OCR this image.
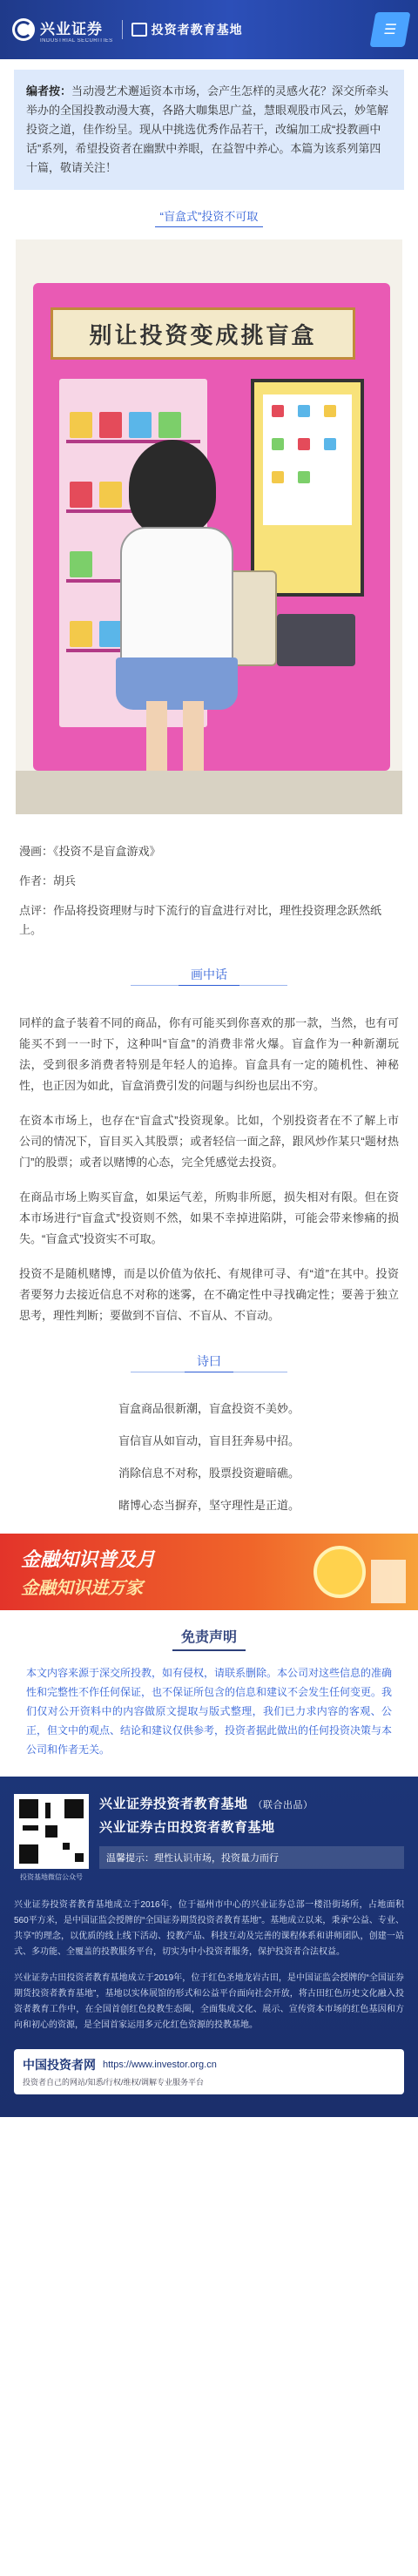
兴业证券
INDUSTRIAL SECURITIES
投资者教育基地	☰
编者按：当动漫艺术邂逅资本市场，会产生怎样的灵感火花？深交所牵头举办的全国投教动漫大赛，各路大咖集思广益，慧眼观股市风云，妙笔解投资之道，佳作纷呈。现从中挑选优秀作品若干，改编加工成“投教画中话”系列，希望投资者在幽默中养眼，在益智中养心。本篇为该系列第四十篇，敬请关注！
“盲盒式”投资不可取
别让投资变成挑盲盒

漫画：《投资不是盲盒游戏》

作者：胡兵

点评：作品将投资理财与时下流行的盲盒进行对比，理性投资理念跃然纸上。

画中话

同样的盒子装着不同的商品，你有可能买到你喜欢的那一款，当然，也有可能买不到一一时下，这种叫“盲盒”的消费非常火爆。盲盒作为一种新潮玩法，受到很多消费者特别是年轻人的追捧。盲盒具有一定的随机性、神秘性，也正因为如此，盲盒消费引发的问题与纠纷也层出不穷。

在资本市场上，也存在“盲盒式”投资现象。比如，个别投资者在不了解上市公司的情况下，盲目买入其股票；或者轻信一面之辞，跟风炒作某只“题材热门”的股票；或者以赌博的心态，完全凭感觉去投资。

在商品市场上购买盲盒，如果运气差，所购非所愿，损失相对有限。但在资本市场进行“盲盒式”投资则不然，如果不幸掉进陷阱，可能会带来惨痛的损失。“盲盒式”投资实不可取。

投资不是随机赌博，而是以价值为依托、有规律可寻、有“道”在其中。投资者要努力去接近信息不对称的迷雾，在不确定性中寻找确定性；要善于独立思考，理性判断；要做到不盲信、不盲从、不盲动。

诗曰

盲盒商品很新潮，盲盒投资不美妙。

盲信盲从如盲动，盲目狂奔易中招。

消除信息不对称，股票投资避暗礁。

睹博心态当摒弃，坚守理性是正道。

金融知识普及月
金融知识进万家
免责声明

本文内容来源于深交所投教，如有侵权，请联系删除。本公司对这些信息的准确性和完整性不作任何保证，也不保证所包含的信息和建议不会发生任何变更。我们仅对公开资料中的内容做原文提取与版式整理，我们已力求内容的客观、公正，但文中的观点、结论和建议仅供参考，投资者据此做出的任何投资决策与本公司和作者无关。

投资基地微信公众号
兴业证券投资者教育基地 （联合出品）
兴业证券古田投资者教育基地
温馨提示：理性认识市场，投资量力而行

兴业证券投资者教育基地成立于2016年，位于福州市中心的兴业证券总部一楼沿街场所，占地面积560平方米，是中国证监会授牌的“全国证券期货投资者教育基地”。基地成立以来，秉承“公益、专业、共享”的理念，以优质的线上线下活动、投教产品、科技互动及完善的课程体系和讲师团队，创建一站式、多功能、全覆盖的投教服务平台，切实为中小投资者服务，保护投资者合法权益。

兴业证券古田投资者教育基地成立于2019年，位于红色圣地龙岩古田，是中国证监会授牌的“全国证券期货投资者教育基地”，基地以实体展馆的形式和公益平台面向社会开放，将古田红色历史文化融入投资者教育工作中，在全国首创红色投教生态圈，全面集成文化、展示、宣传资本市场的红色基因和方向和初心的资源，是全国首家运用多元化红色资源的投教基地。

中国投资者网 https://www.investor.org.cn
投资者自己的网站/知悉/行权/维权/调解专业服务平台
